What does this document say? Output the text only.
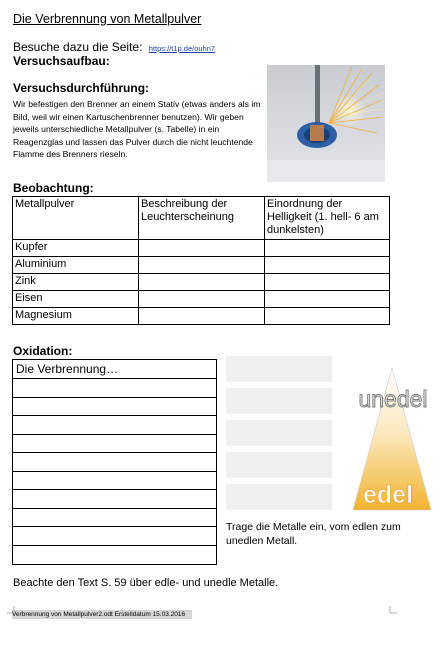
Die Verbrennung von Metallpulver
Besuche dazu die Seite: https://t1p.de/ouhn7
Versuchsaufbau:
Versuchsdurchführung:
Wir befestigen den Brenner an einem Stativ (etwas anders als im Bild, weil wir einen Kartuschenbrenner benutzen). Wir geben jeweils unterschiedliche Metallpulver (s. Tabelle) in ein Reagenzglas und lassen das Pulver durch die nicht leuchtende Flamme des Brenners rieseln.
Beobachtung:
Metallpulver	Beschreibung der Leuchterscheinung	Einordnung der Helligkeit (1. hell- 6 am dunkelsten)
Kupfer		
Aluminium		
Zink		
Eisen		
Magnesium		
Oxidation:
Die Verbrennung…
unedel
edel
Trage die Metalle ein, vom edlen zum unedlen Metall.
Beachte den Text S. 59 über edle- und unedle Metalle.
Verbrennung von Metallpulver2.odt Erstelldatum 15.03.2016
